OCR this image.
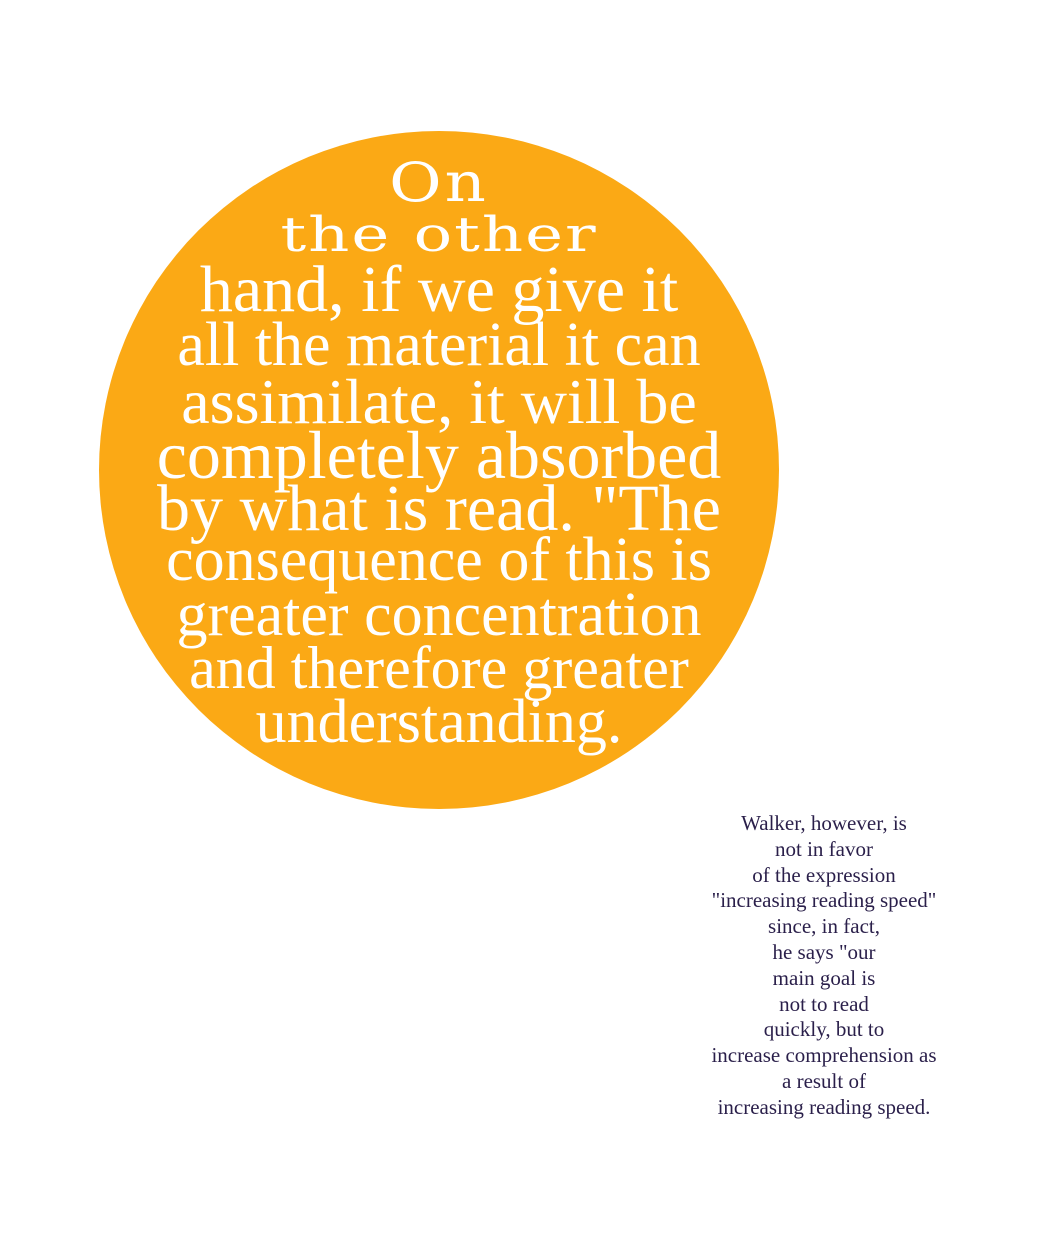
On
the other
hand, if we give it
all the material it can
assimilate, it will be
completely absorbed
by what is read. "The
consequence of this is
greater concentration
and therefore greater
understanding.
Walker, however, is
not in favor
of the expression
"increasing reading speed"
since, in fact,
he says "our
main goal is
not to read
quickly, but to
increase comprehension as
a result of
increasing reading speed.
